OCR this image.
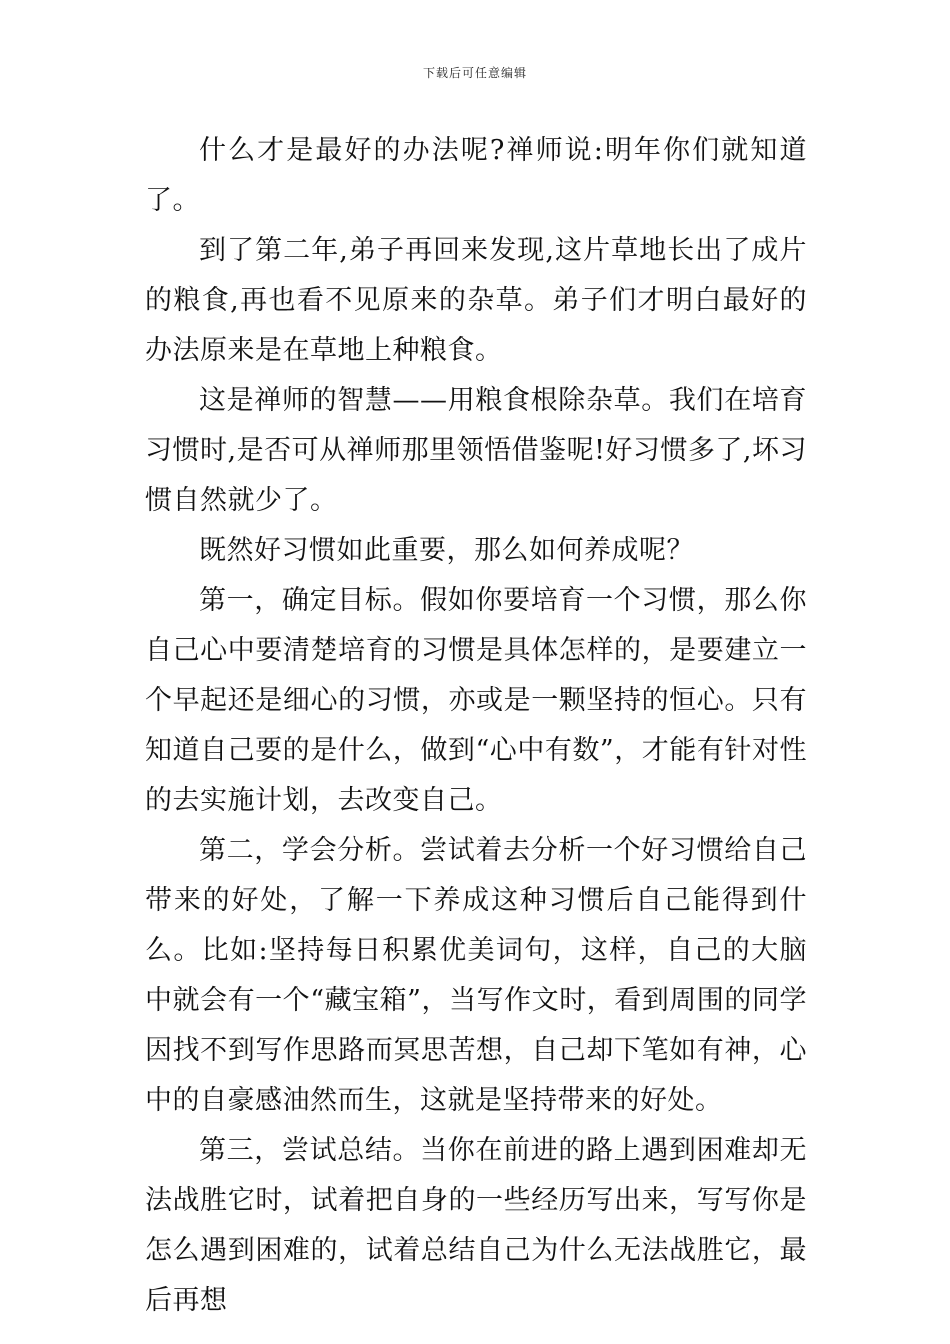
下载后可任意编辑

什么才是最好的办法呢?禅师说:明年你们就知道了。

到了第二年,弟子再回来发现,这片草地长出了成片的粮食,再也看不见原来的杂草。弟子们才明白最好的办法原来是在草地上种粮食。

这是禅师的智慧——用粮食根除杂草。我们在培育习惯时,是否可从禅师那里领悟借鉴呢!好习惯多了,坏习惯自然就少了。

既然好习惯如此重要，那么如何养成呢？

第一，确定目标。假如你要培育一个习惯，那么你自己心中要清楚培育的习惯是具体怎样的，是要建立一个早起还是细心的习惯，亦或是一颗坚持的恒心。只有知道自己要的是什么，做到“心中有数”，才能有针对性的去实施计划，去改变自己。

第二，学会分析。尝试着去分析一个好习惯给自己带来的好处，了解一下养成这种习惯后自己能得到什么。比如:坚持每日积累优美词句，这样，自己的大脑中就会有一个“藏宝箱”，当写作文时，看到周围的同学因找不到写作思路而冥思苦想，自己却下笔如有神，心中的自豪感油然而生，这就是坚持带来的好处。

第三，尝试总结。当你在前进的路上遇到困难却无法战胜它时，试着把自身的一些经历写出来，写写你是怎么遇到困难的，试着总结自己为什么无法战胜它，最后再想
